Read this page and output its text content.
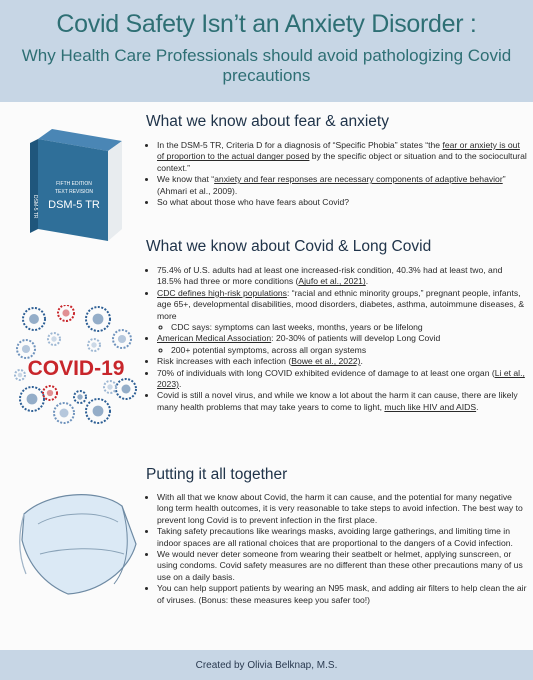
Covid Safety Isn’t an Anxiety Disorder :
Why Health Care Professionals should avoid pathologizing Covid precautions
DSM-5 TR
FIFTH EDITION
TEXT REVISION
DSM-5 TR
COVID-19
What we know about fear & anxiety
• In the DSM-5 TR, Criteria D for a diagnosis of “Specific Phobia” states “the fear or anxiety is out of proportion to the actual danger posed by the specific object or situation and to the sociocultural context.”
• We know that “anxiety and fear responses are necessary components of adaptive behavior” (Ahmari et al., 2009).
• So what about those who have fears about Covid?
What we know about Covid & Long Covid
• 75.4% of U.S. adults had at least one increased-risk condition, 40.3% had at least two, and 18.5% had three or more conditions (Ajufo et al., 2021).
• CDC defines high-risk populations: “racial and ethnic minority groups,” pregnant people, infants, age 65+, developmental disabilities, mood disorders, diabetes, asthma, autoimmune diseases, & more
◦ CDC says: symptoms can last weeks, months, years or be lifelong
• American Medical Association: 20-30% of patients will develop Long Covid
◦ 200+ potential symptoms, across all organ systems
• Risk increases with each infection (Bowe et al., 2022).
• 70% of individuals with long COVID exhibited evidence of damage to at least one organ (Li et al., 2023).
• Covid is still a novel virus, and while we know a lot about the harm it can cause, there are likely many health problems that may take years to come to light, much like HIV and AIDS.
Putting it all together
• With all that we know about Covid, the harm it can cause, and the potential for many negative long term health outcomes, it is very reasonable to take steps to avoid infection. The best way to prevent long Covid is to prevent infection in the first place.
• Taking safety precautions like wearings masks, avoiding large gatherings, and limiting time in indoor spaces are all rational choices that are proportional to the dangers of a Covid infection.
• We would never deter someone from wearing their seatbelt or helmet, applying sunscreen, or using condoms. Covid safety measures are no different than these other precautions many of us use on a daily basis.
• You can help support patients by wearing an N95 mask, and adding air filters to help clean the air of viruses. (Bonus: these measures keep you safer too!)
Created by Olivia Belknap, M.S.
